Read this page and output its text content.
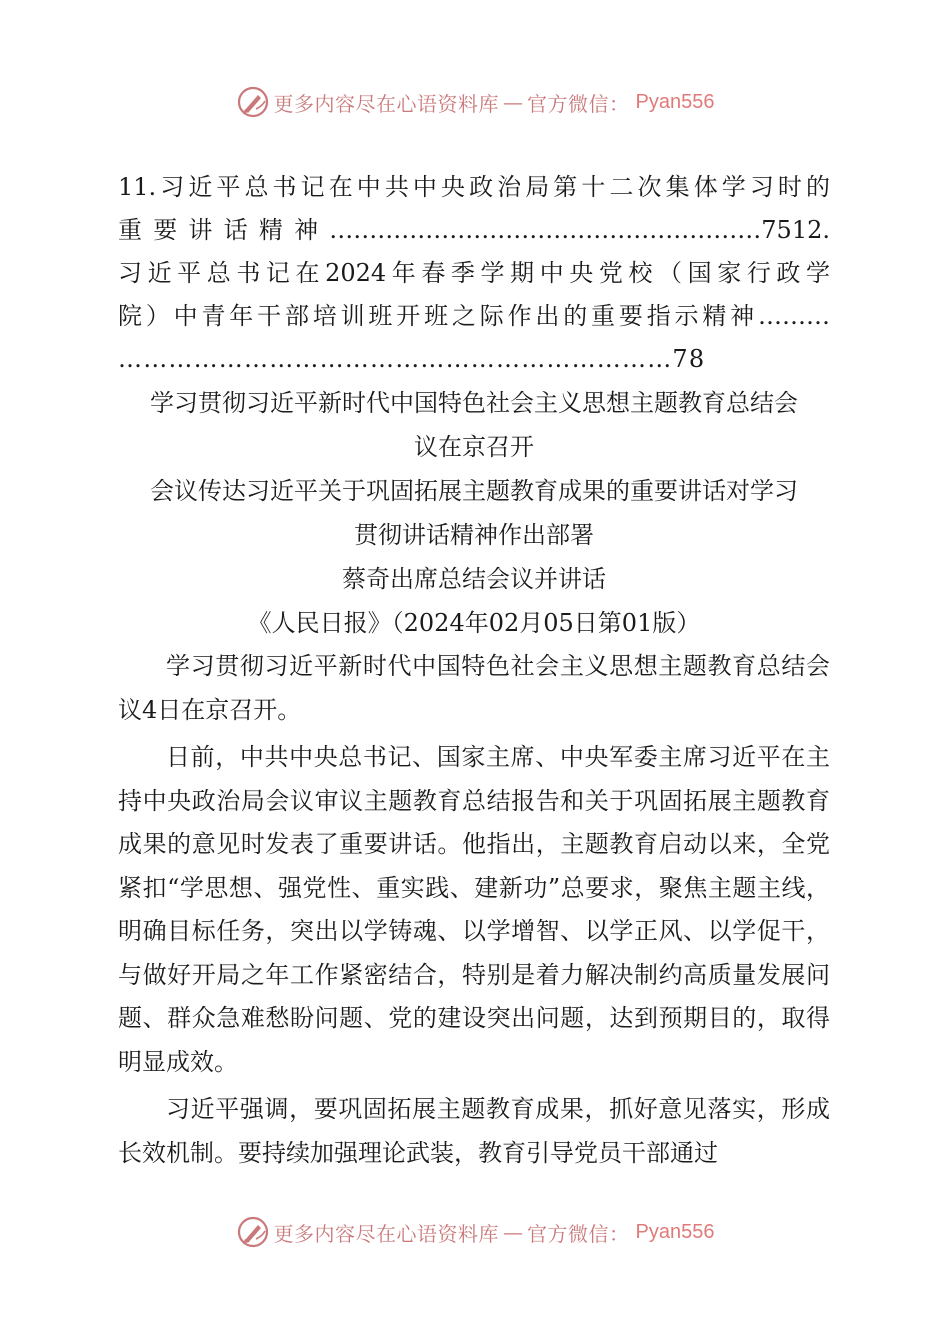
更多内容尽在心语资料库 — 官方微信： Pyan556
11.习近平总书记在中共中央政治局第十二次集体学习时的
重要讲话精神………………………………………………7512.
习近平总书记在2024年春季学期中央党校（国家行政学
院）中青年干部培训班开班之际作出的重要指示精神………
…………………………………………………………78
学习贯彻习近平新时代中国特色社会主义思想主题教育总结会
议在京召开
会议传达习近平关于巩固拓展主题教育成果的重要讲话对学习
贯彻讲话精神作出部署
蔡奇出席总结会议并讲话
《人民日报》（2024年02月05日第01版）

学习贯彻习近平新时代中国特色社会主义思想主题教育总结会议4日在京召开。

日前，中共中央总书记、国家主席、中央军委主席习近平在主持中央政治局会议审议主题教育总结报告和关于巩固拓展主题教育成果的意见时发表了重要讲话。他指出，主题教育启动以来，全党紧扣“学思想、强党性、重实践、建新功”总要求，聚焦主题主线，明确目标任务，突出以学铸魂、以学增智、以学正风、以学促干，与做好开局之年工作紧密结合，特别是着力解决制约高质量发展问题、群众急难愁盼问题、党的建设突出问题，达到预期目的，取得明显成效。

习近平强调，要巩固拓展主题教育成果，抓好意见落实，形成长效机制。要持续加强理论武装，教育引导党员干部通过

更多内容尽在心语资料库 — 官方微信： Pyan556
